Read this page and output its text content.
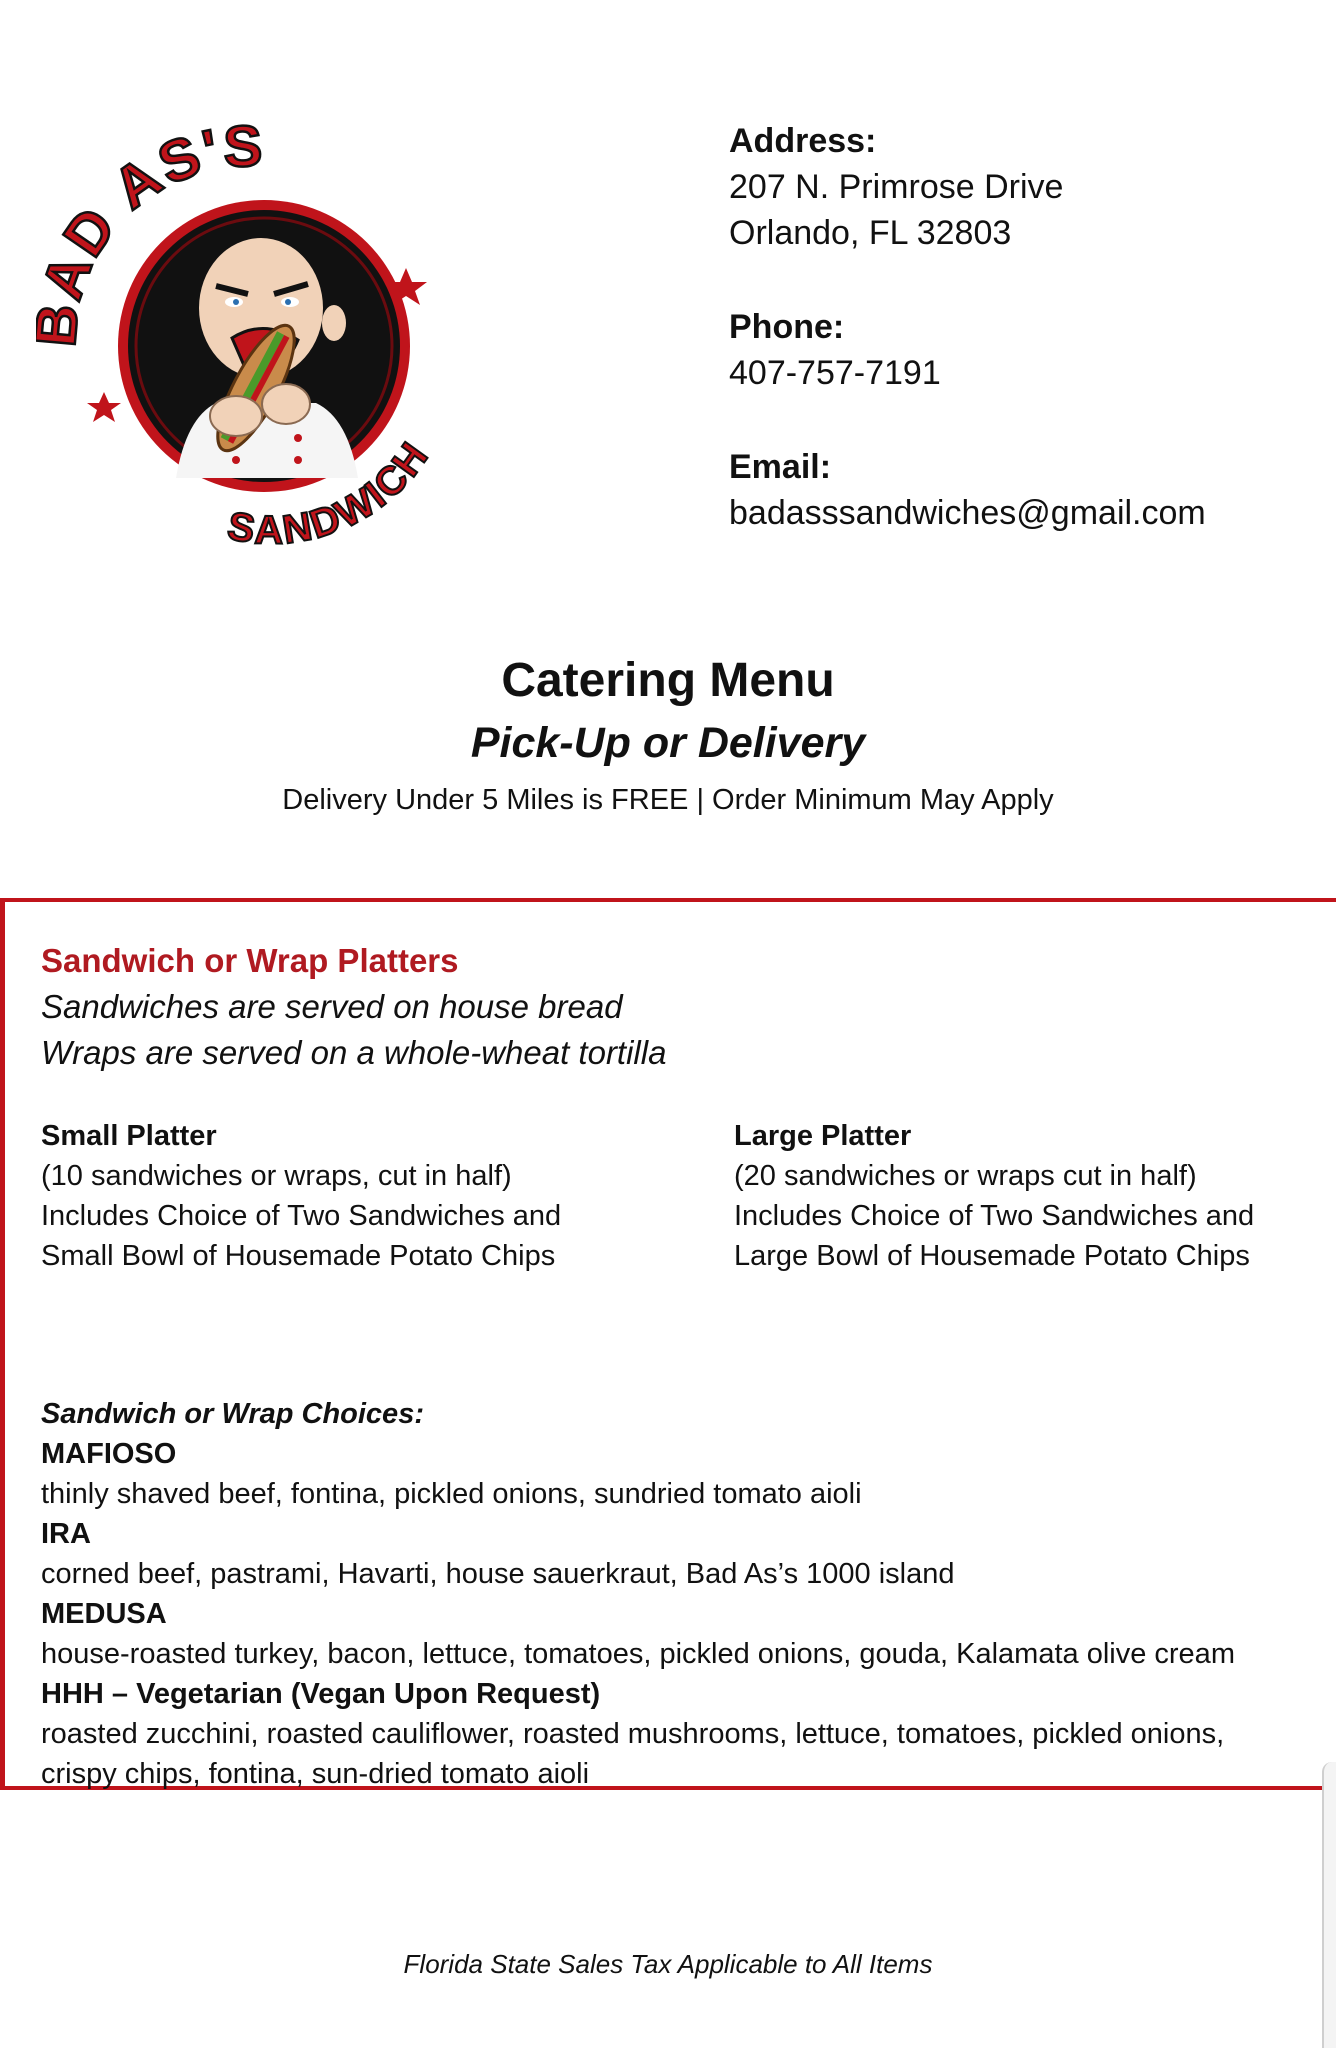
AD AS'S
SANDWICH
Address:
207 N. Primrose Drive
Orlando, FL 32803
Phone:
407-757-7191
Email:
badasssandwiches@gmail.com
Catering Menu
Pick-Up or Delivery
Delivery Under 5 Miles is FREE | Order Minimum May Apply
Sandwich or Wrap Platters
Sandwiches are served on house bread
Wraps are served on a whole-wheat tortilla
Small Platter
(10 sandwiches or wraps, cut in half)
Includes Choice of Two Sandwiches and
Small Bowl of Housemade Potato Chips
Large Platter
(20 sandwiches or wraps cut in half)
Includes Choice of Two Sandwiches and
Large Bowl of Housemade Potato Chips
Sandwich or Wrap Choices:
MAFIOSO
thinly shaved beef, fontina, pickled onions, sundried tomato aioli
IRA
corned beef, pastrami, Havarti, house sauerkraut, Bad As’s 1000 island
MEDUSA
house-roasted turkey, bacon, lettuce, tomatoes, pickled onions, gouda, Kalamata olive cream
HHH – Vegetarian (Vegan Upon Request)
roasted zucchini, roasted cauliflower, roasted mushrooms, lettuce, tomatoes, pickled onions,
crispy chips, fontina, sun-dried tomato aioli
Florida State Sales Tax Applicable to All Items
